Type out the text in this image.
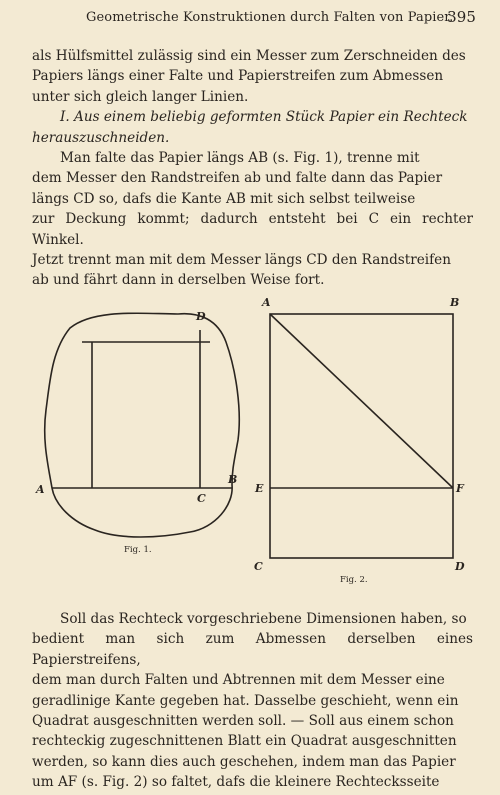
Geometrische Konstruktionen durch Falten von Papier.
395

als Hülfsmittel zulässig sind ein Messer zum Zerschneiden des

Papiers längs einer Falte und Papierstreifen zum Abmessen

unter sich gleich langer Linien.

I. Aus einem beliebig geformten Stück Papier ein Rechteck

herauszuschneiden.

Man falte das Papier längs AB (s. Fig. 1), trenne mit

dem Messer den Randstreifen ab und falte dann das Papier

längs CD so, dafs die Kante AB mit sich selbst teilweise

zur Deckung kommt; dadurch entsteht bei C ein rechter Winkel.

Jetzt trennt man mit dem Messer längs CD den Randstreifen

ab und fährt dann in derselben Weise fort.

D
A
B
C
Fig. 1.
A	B
E	F
C	D
Fig. 2.

Soll das Rechteck vorgeschriebene Dimensionen haben, so

bedient man sich zum Abmessen derselben eines Papierstreifens,

dem man durch Falten und Abtrennen mit dem Messer eine

geradlinige Kante gegeben hat. Dasselbe geschieht, wenn ein

Quadrat ausgeschnitten werden soll. — Soll aus einem schon

rechteckig zugeschnittenen Blatt ein Quadrat ausgeschnitten

werden, so kann dies auch geschehen, indem man das Papier

um AF (s. Fig. 2) so faltet, dafs die kleinere Rechtecksseite
